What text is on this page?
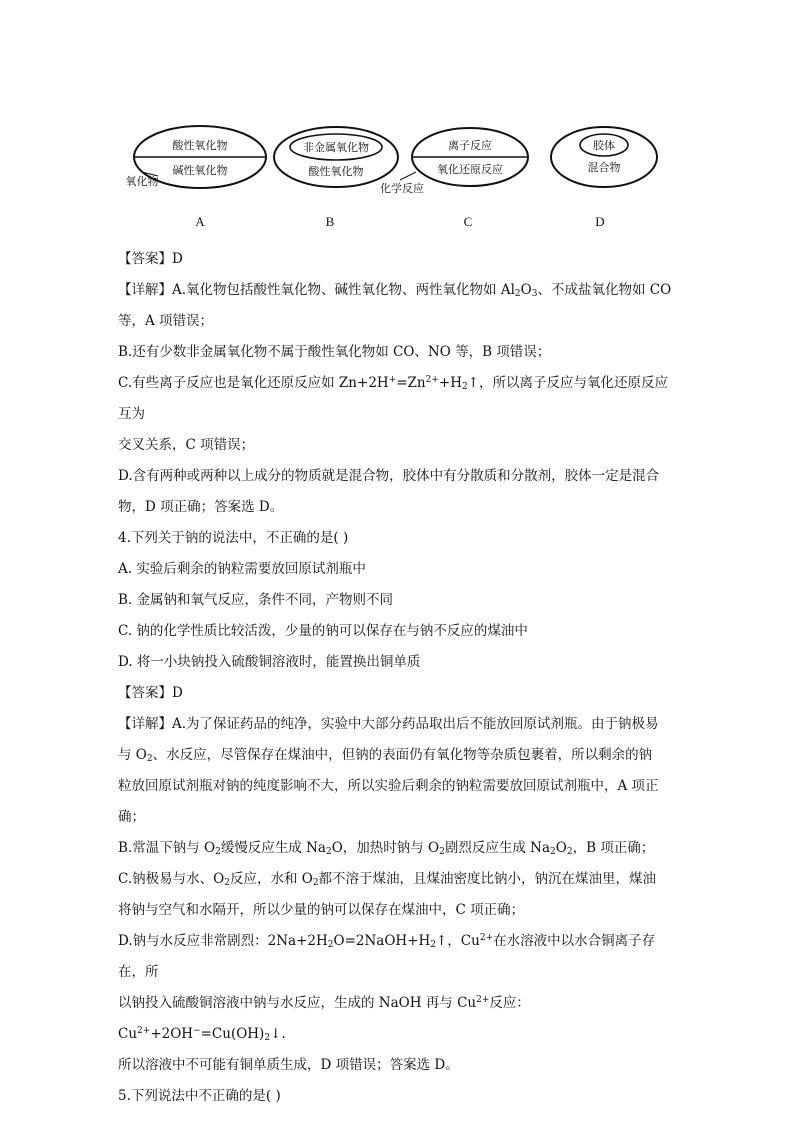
酸性氧化物
碱性氧化物
氧化物
非金属氧化物
酸性氧化物
离子反应
氧化还原反应
化学反应
胶体
混合物
A	B	C	D

【答案】D

【详解】A.氧化物包括酸性氧化物、碱性氧化物、两性氧化物如 $Al_2O_3$、不成盐氧化物如 CO

等，A 项错误；

B.还有少数非金属氧化物不属于酸性氧化物如 CO、NO 等，B 项错误；

C.有些离子反应也是氧化还原反应如 $Zn+2H^+=Zn^{2+}+H_2↑$，所以离子反应与氧化还原反应互为

交叉关系，C 项错误；

D.含有两种或两种以上成分的物质就是混合物，胶体中有分散质和分散剂，胶体一定是混合

物，D 项正确；答案选 D。

4.下列关于钠的说法中，不正确的是( )

A. 实验后剩余的钠粒需要放回原试剂瓶中

B. 金属钠和氧气反应，条件不同，产物则不同

C. 钠的化学性质比较活泼，少量的钠可以保存在与钠不反应的煤油中

D. 将一小块钠投入硫酸铜溶液时，能置换出铜单质

【答案】D

【详解】A.为了保证药品的纯净，实验中大部分药品取出后不能放回原试剂瓶。由于钠极易

与 $O_2$、水反应，尽管保存在煤油中，但钠的表面仍有氧化物等杂质包裹着，所以剩余的钠

粒放回原试剂瓶对钠的纯度影响不大，所以实验后剩余的钠粒需要放回原试剂瓶中，A 项正

确；

B.常温下钠与 $O_2$缓慢反应生成 $Na_2O$，加热时钠与 $O_2$剧烈反应生成 $Na_2O_2$，B 项正确；

C.钠极易与水、$O_2$反应，水和 $O_2$都不溶于煤油，且煤油密度比钠小，钠沉在煤油里，煤油

将钠与空气和水隔开，所以少量的钠可以保存在煤油中，C 项正确；

D.钠与水反应非常剧烈：$2Na+2H_2O=2NaOH+H_2↑$，$Cu^{2+}$在水溶液中以水合铜离子存在，所

以钠投入硫酸铜溶液中钠与水反应，生成的 NaOH 再与 $Cu^{2+}$反应：$Cu^{2+}+2OH^-=Cu(OH)_2↓$.

所以溶液中不可能有铜单质生成，D 项错误；答案选 D。

5.下列说法中不正确的是( )
